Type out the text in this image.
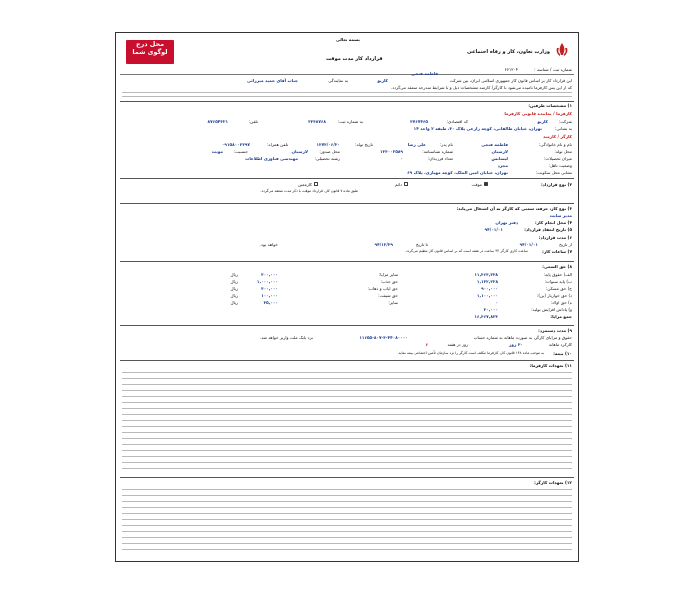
بسمه تعالی
وزارت تعاون، کار و رفاه اجتماعی
محل درج
لوگوی شما
قرارداد کار مدت موقت
شماره ثبت / شناسه :
۶۶۱۲۰۴
این قرارداد کار بر اساس قانون کار جمهوری اسلامی ایران، بین شرکت
کازیو
به نمایندگی
جناب آقای حمید میرزائی
فاطمه فتحی
که از این پس کارفرما نامیده می‌شود با کارگر/ کارمند مشخصات ذیل و با شرایط مندرجه منعقد می‌گردد.
۱) مشخصات طرفین:
کارفرما / نماینده قانونی کارفرما
شرکت:
کازیو
کد اقتصادی:
۳۷۶۷۴۶۵
به شماره ثبت:
۳۳۳۸۷۶۸
تلفن:
۸۷۶۵۴۳۲۱
به نشانی:
تهران، خیابان طالقانی، کوچه زارعی پلاک ۳۰، طبقه ۲ واحد ۱۴
کارگر / کارمند
نام و نام خانوادگی:
فاطمه فتحی
نام پدر:
علی رضا
تاریخ تولد:
۱۳۷۳/۰۶/۲۰
تلفن همراه:
۰۹۱۵۸۰۰۳۲۹۷
محل تولد:
لارستان
شماره شناسنامه:
۱۳۳۰۰۲۵۸۹
محل صدور:
لارستان
جنسیت:
مونث
میزان تحصیلات:
لیسانس
تعداد فرزندان:
۰
رشته تحصیلی:
مهندسی فناوری اطلاعات
وضعیت تاهل:
مجرد
نشانی محل سکونت:
تهران، خیابان امین الملک، کوچه مهیاری، پلاک ۶۹
۲) نوع قرارداد:
موقت
دائم
کارمعین
طبق ماده ۷ قانون کار، قرارداد موقت با ذکر مدت منعقد می‌گردد.
۳) نوع کار، حرفه، سمتی که کارگر به آن اشتغال می‌یابد:
مدیر سایت
۴) محل انجام کار:
دفتر تهران
۵) تاریخ انعقاد قرارداد:
۹۴/۰۱/۰۱
۶) مدت قرارداد:
از تاریخ
۹۴/۰۱/۰۱
تا تاریخ
۹۴/۱۲/۲۹
خواهد بود.
۷) ساعات کار:
ساعت کاری کارگر ۴۴ ساعت در هفته است که بر اساس قانون کار تنظیم می‌گردد.
۸) حق السعی:
الف) حقوق پایه:
۱۱,۳۶۳,۳۳۸
ب) پایه سنوات:
۱,۱۲۲,۲۲۸
ج) حق مسکن:
۹۰۰,۰۰۰
د) حق خواربار (بن):
۱,۱۰۰,۰۰۰
ه) حق اولاد:
۰
و) پاداش افزایش تولید:
۲۰,۰۰۰
جمع مزایا:
۱۶,۳۶۷,۸۲۳
سایر مزایا:
۲۰۰,۰۰۰
ریال
حق جذب:
۱,۰۰۰,۰۰۰
ریال
حق ایاب و ذهاب:
۳۰۰,۰۰۰
ریال
حق شیفت:
۱۰۰,۰۰۰
ریال
سایر:
۲۵,۰۰۰
ریال
۹) مدت دستمزد:
حقوق و مزایای کارگر، به صورت ماهانه به شماره حساب
۱۱۶۵۵-۸۰۷-۳-۴۴۰۸۰۰۰۰
نزد بانک ملت واریز خواهد شد.
کارکرد ماهانه
۳۰ روز
روز در هفته
۶
۱۰) بیمه:
به موجب ماده ۱۴۸ قانون کار، کارفرما مکلف است کارگر را نزد سازمان تأمین اجتماعی بیمه نماید.
۱۱) تعهدات کارفرما:
۱۲) تعهدات کارگر:
